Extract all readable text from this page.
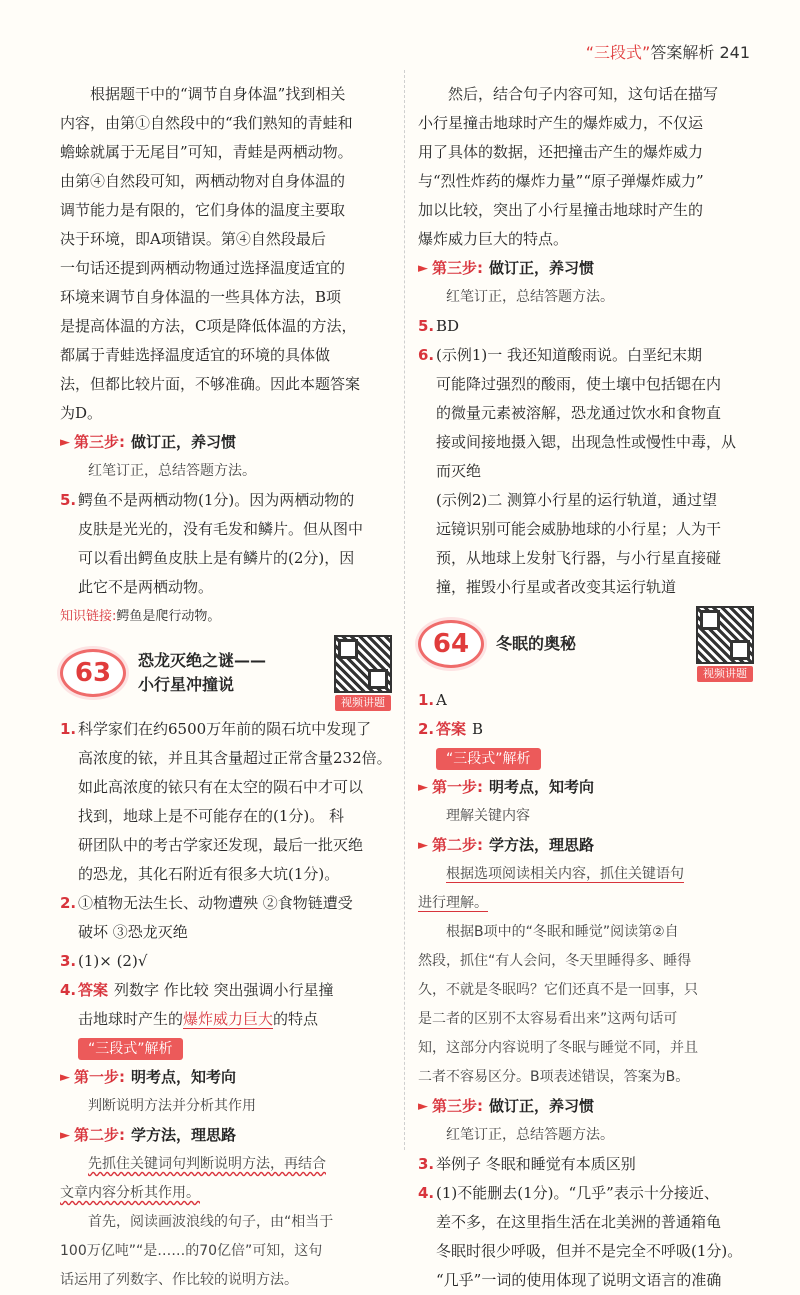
“三段式”答案解析 241

根据题干中的“调节自身体温”找到相关

内容，由第①自然段中的“我们熟知的青蛙和

蟾蜍就属于无尾目”可知，青蛙是两栖动物。

由第④自然段可知，两栖动物对自身体温的

调节能力是有限的，它们身体的温度主要取

决于环境，即A项错误。第④自然段最后

一句话还提到两栖动物通过选择温度适宜的

环境来调节自身体温的一些具体方法，B项

是提高体温的方法，C项是降低体温的方法，

都属于青蛙选择温度适宜的环境的具体做

法，但都比较片面，不够准确。因此本题答案

为D。

► 第三步: 做订正，养习惯

红笔订正，总结答题方法。

5. 鳄鱼不是两栖动物(1分)。因为两栖动物的

皮肤是光光的，没有毛发和鳞片。但从图中

可以看出鳄鱼皮肤上是有鳞片的(2分)，因

此它不是两栖动物。

知识链接:鳄鱼是爬行动物。

63	恐龙灭绝之谜——
小行星冲撞说
视频讲题
1. 科学家们在约6500万年前的陨石坑中发现了

高浓度的铱，并且其含量超过正常含量232倍。

如此高浓度的铱只有在太空的陨石中才可以

找到，地球上是不可能存在的(1分)。 科

研团队中的考古学家还发现，最后一批灭绝

的恐龙，其化石附近有很多大坑(1分)。

2. ①植物无法生长、动物遭殃 ②食物链遭受

破坏 ③恐龙灭绝

3. (1)× (2)√

4. 答案 列数字 作比较 突出强调小行星撞

击地球时产生的爆炸威力巨大的特点

“三段式”解析
► 第一步: 明考点，知考向

判断说明方法并分析其作用

► 第二步: 学方法，理思路

先抓住关键词句判断说明方法，再结合

文章内容分析其作用。

首先，阅读画波浪线的句子，由“相当于

100万亿吨”“是……的70亿倍”可知，这句

话运用了列数字、作比较的说明方法。

然后，结合句子内容可知，这句话在描写

小行星撞击地球时产生的爆炸威力，不仅运

用了具体的数据，还把撞击产生的爆炸威力

与“烈性炸药的爆炸力量”“原子弹爆炸威力”

加以比较，突出了小行星撞击地球时产生的

爆炸威力巨大的特点。

► 第三步: 做订正，养习惯

红笔订正，总结答题方法。

5. BD

6. (示例1)一 我还知道酸雨说。白垩纪末期

可能降过强烈的酸雨，使土壤中包括锶在内

的微量元素被溶解，恐龙通过饮水和食物直

接或间接地摄入锶，出现急性或慢性中毒，从

而灭绝

(示例2)二 测算小行星的运行轨道，通过望

远镜识别可能会威胁地球的小行星；人为干

预，从地球上发射飞行器，与小行星直接碰

撞，摧毁小行星或者改变其运行轨道

64	冬眠的奥秘
视频讲题
1. A

2. 答案 B

“三段式”解析
► 第一步: 明考点，知考向

理解关键内容

► 第二步: 学方法，理思路

根据选项阅读相关内容，抓住关键语句

进行理解。

根据B项中的“冬眠和睡觉”阅读第②自

然段，抓住“有人会问，冬天里睡得多、睡得

久，不就是冬眠吗？它们还真不是一回事，只

是二者的区别不太容易看出来”这两句话可

知，这部分内容说明了冬眠与睡觉不同，并且

二者不容易区分。B项表述错误，答案为B。

► 第三步: 做订正，养习惯

红笔订正，总结答题方法。

3. 举例子 冬眠和睡觉有本质区别

4. (1)不能删去(1分)。“几乎”表示十分接近、

差不多，在这里指生活在北美洲的普通箱龟

冬眠时很少呼吸，但并不是完全不呼吸(1分)。

“几乎”一词的使用体现了说明文语言的准确
